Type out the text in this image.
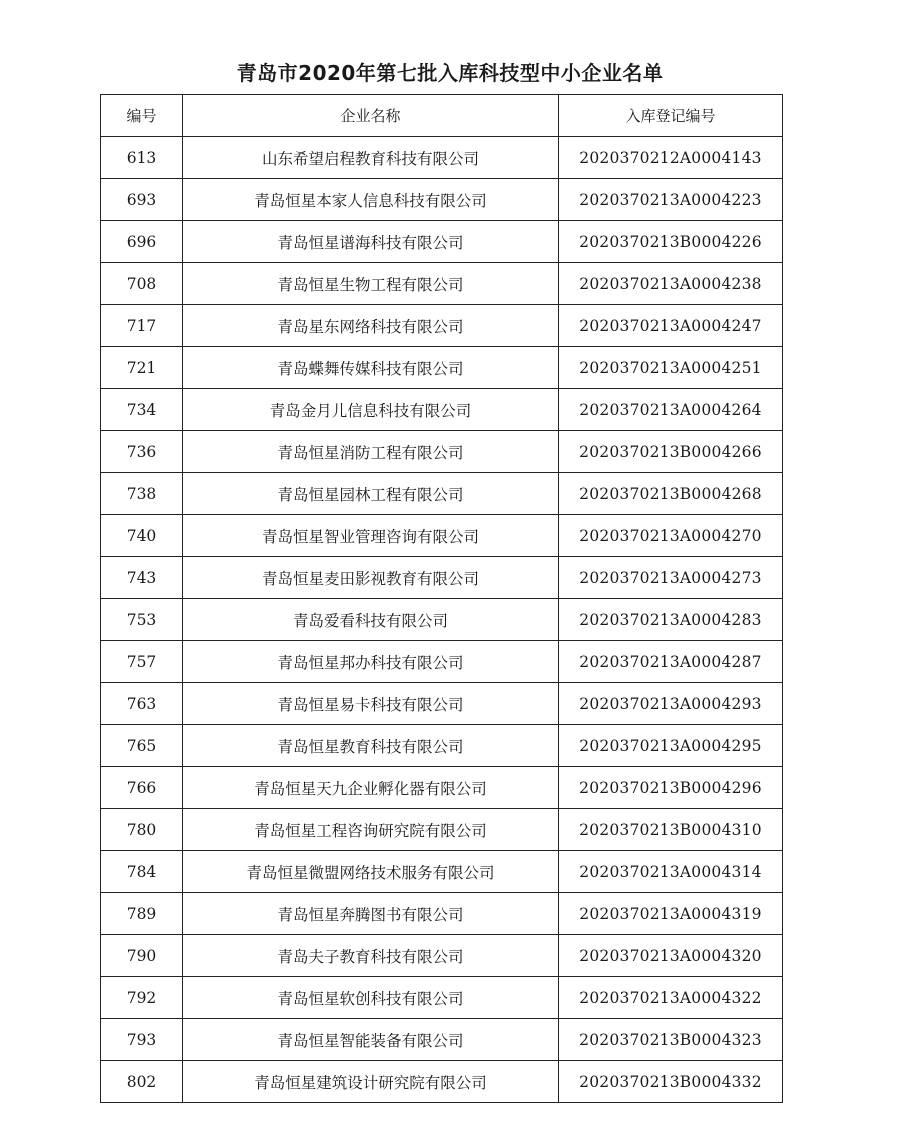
青岛市2020年第七批入库科技型中小企业名单
编号	企业名称	入库登记编号
613	山东希望启程教育科技有限公司	2020370212A0004143
693	青岛恒星本家人信息科技有限公司	2020370213A0004223
696	青岛恒星谱海科技有限公司	2020370213B0004226
708	青岛恒星生物工程有限公司	2020370213A0004238
717	青岛星东网络科技有限公司	2020370213A0004247
721	青岛蝶舞传媒科技有限公司	2020370213A0004251
734	青岛金月儿信息科技有限公司	2020370213A0004264
736	青岛恒星消防工程有限公司	2020370213B0004266
738	青岛恒星园林工程有限公司	2020370213B0004268
740	青岛恒星智业管理咨询有限公司	2020370213A0004270
743	青岛恒星麦田影视教育有限公司	2020370213A0004273
753	青岛爱看科技有限公司	2020370213A0004283
757	青岛恒星邦办科技有限公司	2020370213A0004287
763	青岛恒星易卡科技有限公司	2020370213A0004293
765	青岛恒星教育科技有限公司	2020370213A0004295
766	青岛恒星天九企业孵化器有限公司	2020370213B0004296
780	青岛恒星工程咨询研究院有限公司	2020370213B0004310
784	青岛恒星微盟网络技术服务有限公司	2020370213A0004314
789	青岛恒星奔腾图书有限公司	2020370213A0004319
790	青岛夫子教育科技有限公司	2020370213A0004320
792	青岛恒星软创科技有限公司	2020370213A0004322
793	青岛恒星智能装备有限公司	2020370213B0004323
802	青岛恒星建筑设计研究院有限公司	2020370213B0004332
